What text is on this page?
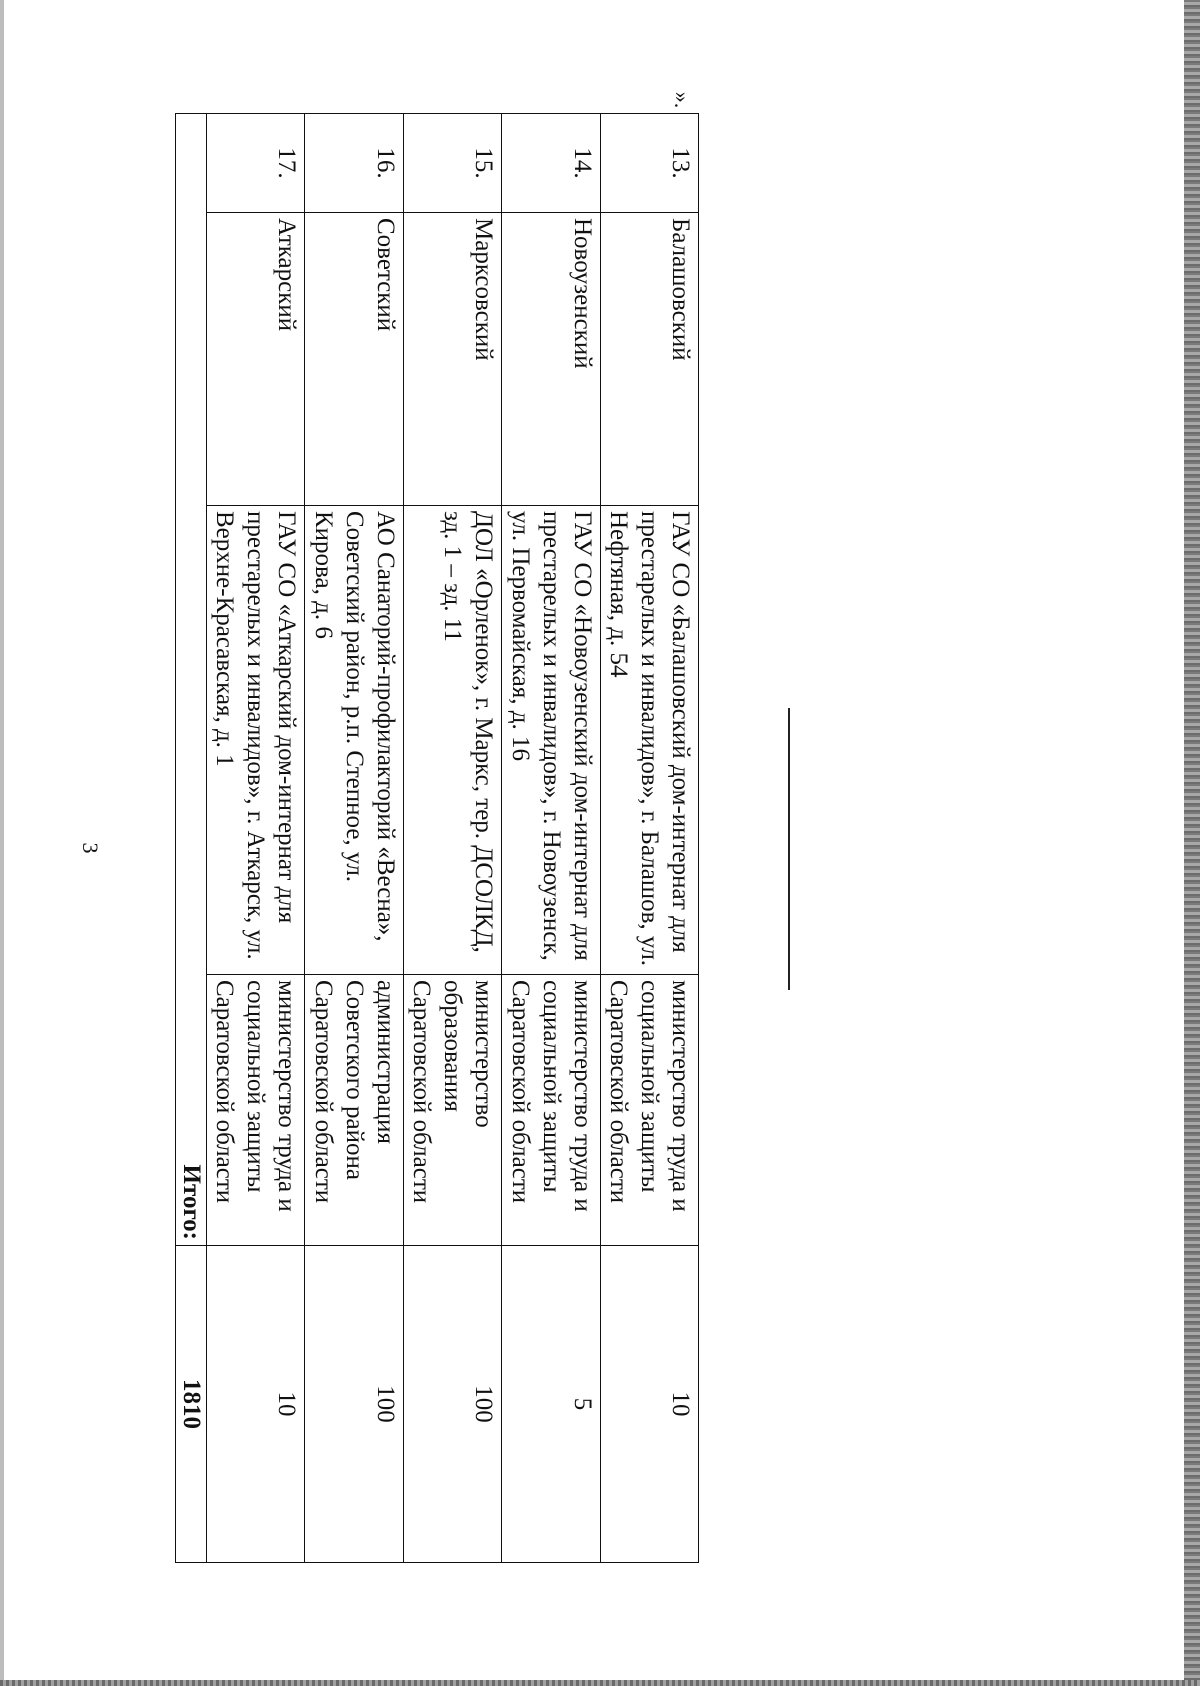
3
13.	Балашовский	ГАУ СО «Балашовский дом-интернат для престарелых и инвалидов», г. Балашов, ул. Нефтяная, д. 54	министерство труда и социальной защиты Саратовской области	10
14.	Новоузенский	ГАУ СО «Новоузенский дом-интернат для престарелых и инвалидов», г. Новоузенск, ул. Первомайская, д. 16	министерство труда и социальной защиты Саратовской области	5
15.	Марксовский	ДОЛ «Орленок», г. Маркс, тер. ДСОЛКД, зд. 1 – зд. 11	министерство образования Саратовской области	100
16.	Советский	АО Санаторий-профилакторий «Весна», Советский район, р.п. Степное, ул. Кирова, д. 6	администрация Советского района Саратовской области	100
17.	Аткарский	ГАУ СО «Аткарский дом-интернат для престарелых и инвалидов», г. Аткарск, ул. Верхне-Красавская, д. 1	министерство труда и социальной защиты Саратовской области	10
Итого:				1810
».
